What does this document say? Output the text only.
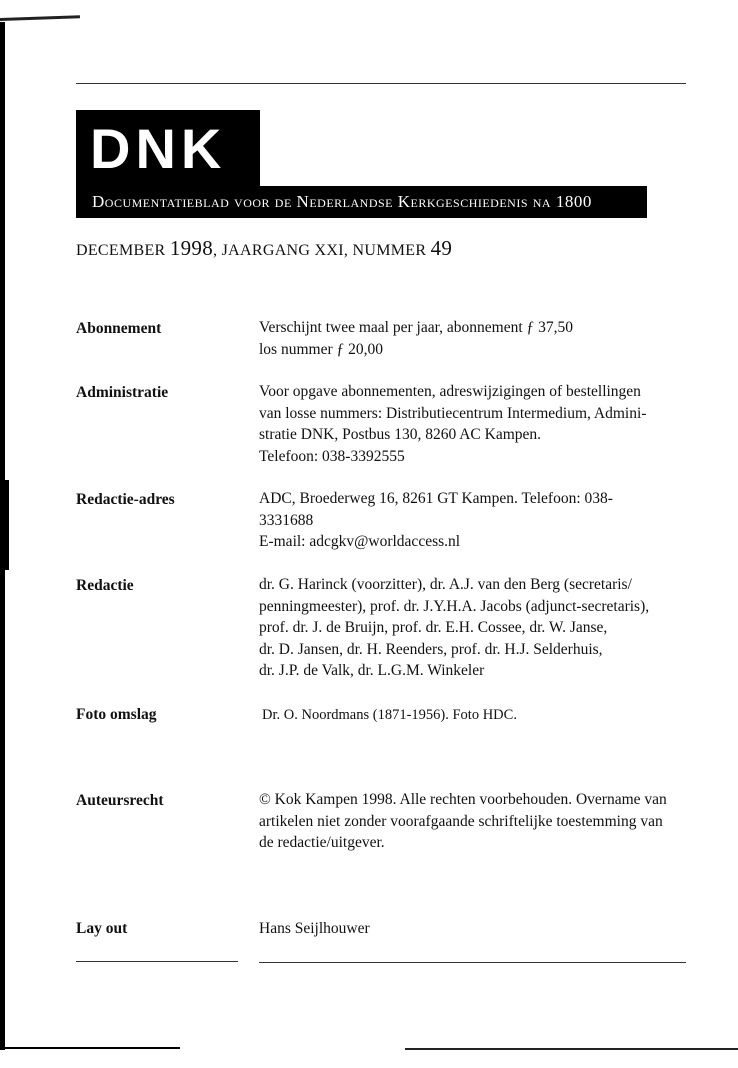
DNK
Documentatieblad voor de Nederlandse Kerkgeschiedenis na 1800
DECEMBER 1998, JAARGANG XXI, NUMMER 49
Abonnement	Verschijnt twee maal per jaar, abonnement ƒ 37,50
los nummer ƒ 20,00
Administratie	Voor opgave abonnementen, adreswijzigingen of bestellingen
van losse nummers: Distributiecentrum Intermedium, Admini-
stratie DNK, Postbus 130, 8260 AC Kampen.
Telefoon: 038-3392555
Redactie-adres	ADC, Broederweg 16, 8261 GT Kampen. Telefoon: 038-
3331688
E-mail: adcgkv@worldaccess.nl
Redactie	dr. G. Harinck (voorzitter), dr. A.J. van den Berg (secretaris/
penningmeester), prof. dr. J.Y.H.A. Jacobs (adjunct-secretaris),
prof. dr. J. de Bruijn, prof. dr. E.H. Cossee, dr. W. Janse,
dr. D. Jansen, dr. H. Reenders, prof. dr. H.J. Selderhuis,
dr. J.P. de Valk, dr. L.G.M. Winkeler
Foto omslag	Dr. O. Noordmans (1871-1956). Foto HDC.
Auteursrecht	© Kok Kampen 1998. Alle rechten voorbehouden. Overname van
artikelen niet zonder voorafgaande schriftelijke toestemming van
de redactie/uitgever.
Lay out	Hans Seijlhouwer
